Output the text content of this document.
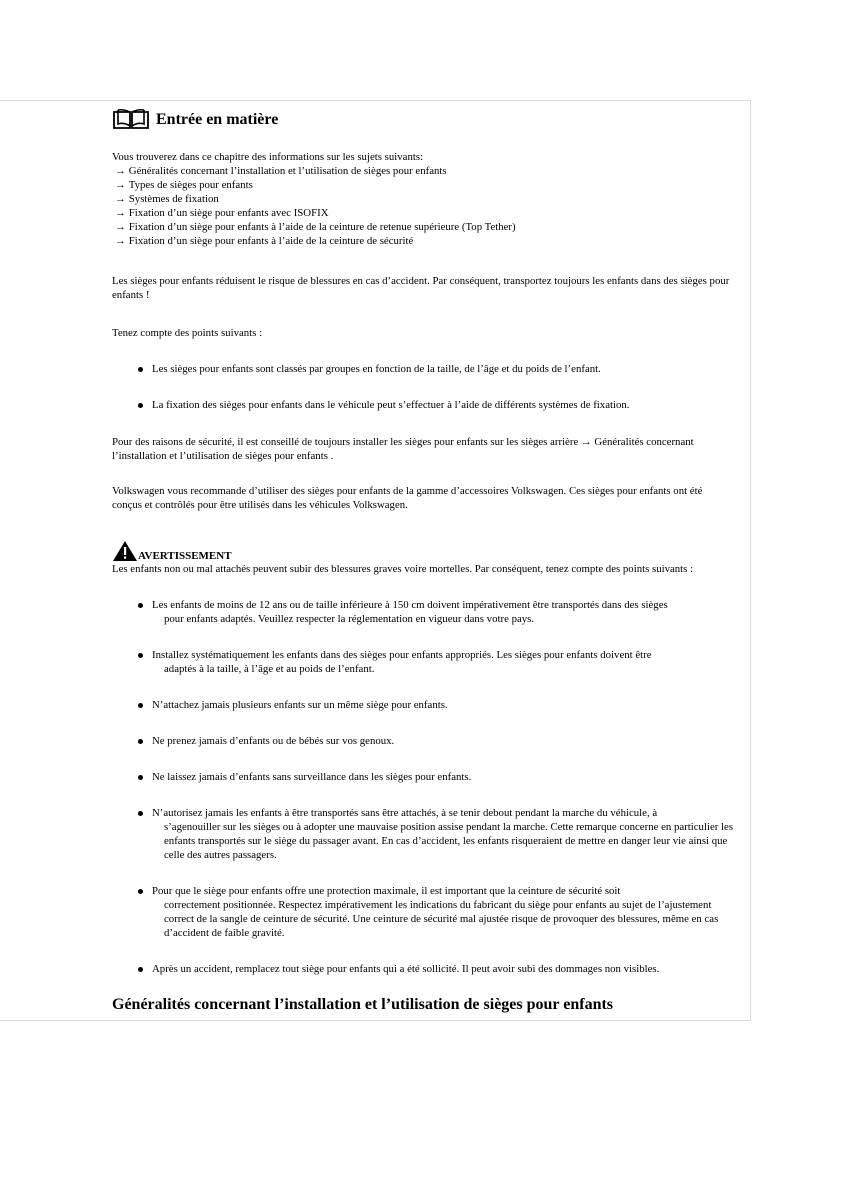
Entrée en matière

Vous trouverez dans ce chapitre des informations sur les sujets suivants:

→ Généralités concernant l’installation et l’utilisation de sièges pour enfants
→ Types de sièges pour enfants
→ Systèmes de fixation
→ Fixation d’un siège pour enfants avec ISOFIX
→ Fixation d’un siège pour enfants à l’aide de la ceinture de retenue supérieure (Top Tether)
→ Fixation d’un siège pour enfants à l’aide de la ceinture de sécurité

Les sièges pour enfants réduisent le risque de blessures en cas d’accident. Par conséquent, transportez toujours les enfants dans des sièges pour enfants !

Tenez compte des points suivants :

Les sièges pour enfants sont classés par groupes en fonction de la taille, de l’âge et du poids de l’enfant.
La fixation des sièges pour enfants dans le véhicule peut s’effectuer à l’aide de différents systèmes de fixation.

Pour des raisons de sécurité, il est conseillé de toujours installer les sièges pour enfants sur les sièges arrière → Généralités concernant l’installation et l’utilisation de sièges pour enfants .

Volkswagen vous recommande d’utiliser des sièges pour enfants de la gamme d’accessoires Volkswagen. Ces sièges pour enfants ont été conçus et contrôlés pour être utilisés dans les véhicules Volkswagen.

AVERTISSEMENT

Les enfants non ou mal attachés peuvent subir des blessures graves voire mortelles. Par conséquent, tenez compte des points suivants :

Les enfants de moins de 12 ans ou de taille inférieure à 150 cm doivent impérativement être transportés dans des sièges
pour enfants adaptés. Veuillez respecter la réglementation en vigueur dans votre pays.
Installez systématiquement les enfants dans des sièges pour enfants appropriés. Les sièges pour enfants doivent être
adaptés à la taille, à l’âge et au poids de l’enfant.
N’attachez jamais plusieurs enfants sur un même siège pour enfants.
Ne prenez jamais d’enfants ou de bébés sur vos genoux.
Ne laissez jamais d’enfants sans surveillance dans les sièges pour enfants.
N’autorisez jamais les enfants à être transportés sans être attachés, à se tenir debout pendant la marche du véhicule, à
s’agenouiller sur les sièges ou à adopter une mauvaise position assise pendant la marche. Cette remarque concerne en particulier les enfants transportés sur le siège du passager avant. En cas d’accident, les enfants risqueraient de mettre en danger leur vie ainsi que celle des autres passagers.
Pour que le siège pour enfants offre une protection maximale, il est important que la ceinture de sécurité soit
correctement positionnée. Respectez impérativement les indications du fabricant du siège pour enfants au sujet de l’ajustement correct de la sangle de ceinture de sécurité. Une ceinture de sécurité mal ajustée risque de provoquer des blessures, même en cas d’accident de faible gravité.
Après un accident, remplacez tout siège pour enfants qui a été sollicité. Il peut avoir subi des dommages non visibles.
Généralités concernant l’installation et l’utilisation de sièges pour enfants
